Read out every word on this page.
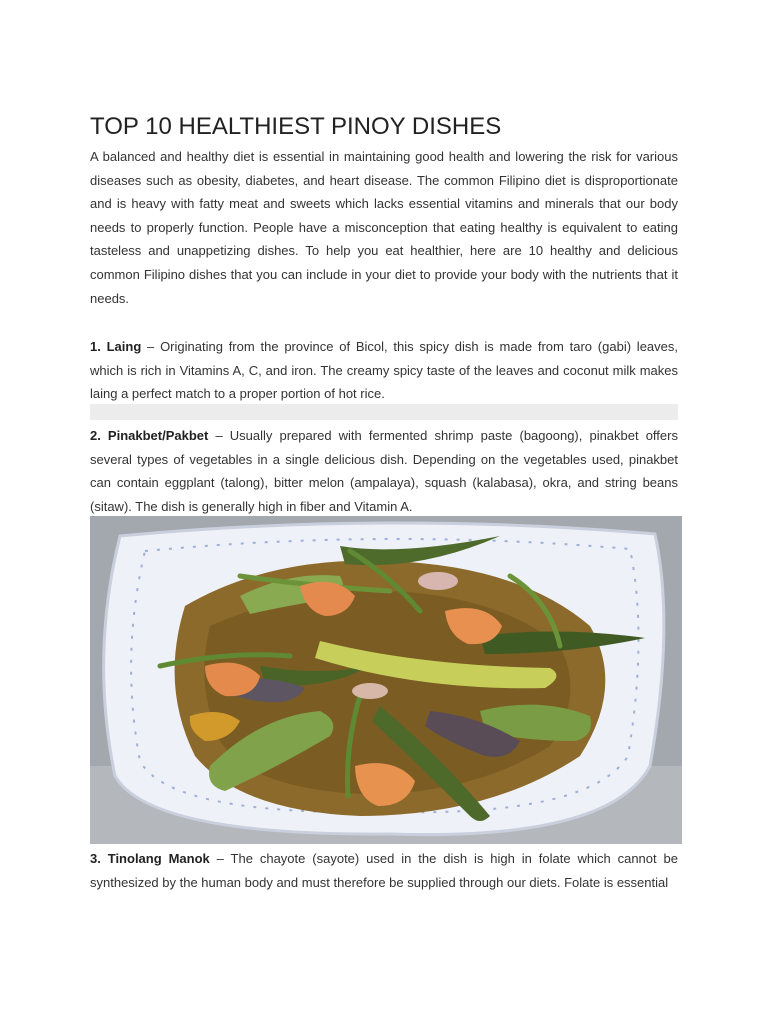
TOP 10 HEALTHIEST PINOY DISHES

A balanced and healthy diet is essential in maintaining good health and lowering the risk for various diseases such as obesity, diabetes, and heart disease. The common Filipino diet is disproportionate and is heavy with fatty meat and sweets which lacks essential vitamins and minerals that our body needs to properly function. People have a misconception that eating healthy is equivalent to eating tasteless and unappetizing dishes. To help you eat healthier, here are 10 healthy and delicious common Filipino dishes that you can include in your diet to provide your body with the nutrients that it needs.

1. Laing – Originating from the province of Bicol, this spicy dish is made from taro (gabi) leaves, which is rich in Vitamins A, C, and iron. The creamy spicy taste of the leaves and coconut milk makes laing a perfect match to a proper portion of hot rice.

2. Pinakbet/Pakbet – Usually prepared with fermented shrimp paste (bagoong), pinakbet offers several types of vegetables in a single delicious dish. Depending on the vegetables used, pinakbet can contain eggplant (talong), bitter melon (ampalaya), squash (kalabasa), okra, and string beans (sitaw). The dish is generally high in fiber and Vitamin A.

3. Tinolang Manok – The chayote (sayote) used in the dish is high in folate which cannot be synthesized by the human body and must therefore be supplied through our diets. Folate is essential
